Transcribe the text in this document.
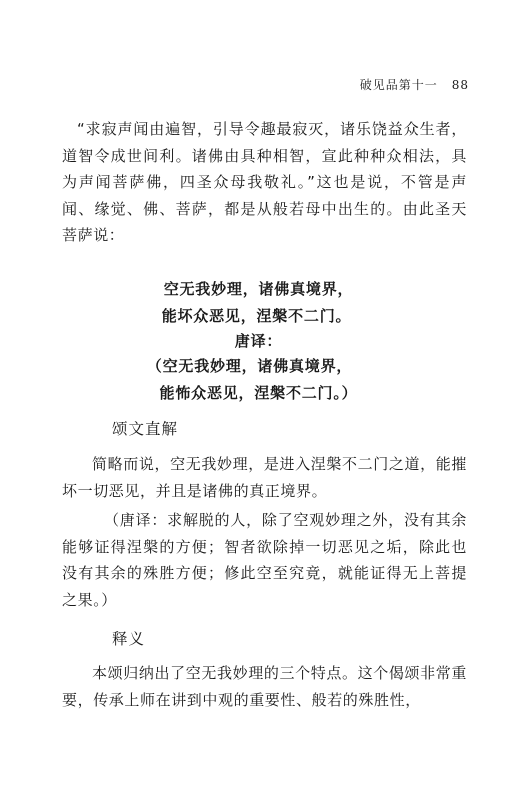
破见品第十一 88
“求寂声闻由遍智，引导令趣最寂灭，诸乐饶益众生者，道智令成世间利。诸佛由具种相智，宣此种种众相法，具为声闻菩萨佛，四圣众母我敬礼。”这也是说，不管是声闻、缘觉、佛、菩萨，都是从般若母中出生的。由此圣天菩萨说：
空无我妙理，诸佛真境界，
能坏众恶见，涅槃不二门。
唐译：
（空无我妙理，诸佛真境界，
能怖众恶见，涅槃不二门。）
颂文直解
简略而说，空无我妙理，是进入涅槃不二门之道，能摧坏一切恶见，并且是诸佛的真正境界。
（唐译：求解脱的人，除了空观妙理之外，没有其余能够证得涅槃的方便；智者欲除掉一切恶见之垢，除此也没有其余的殊胜方便；修此空至究竟，就能证得无上菩提之果。）
释义
本颂归纳出了空无我妙理的三个特点。这个偈颂非常重要，传承上师在讲到中观的重要性、般若的殊胜性，
